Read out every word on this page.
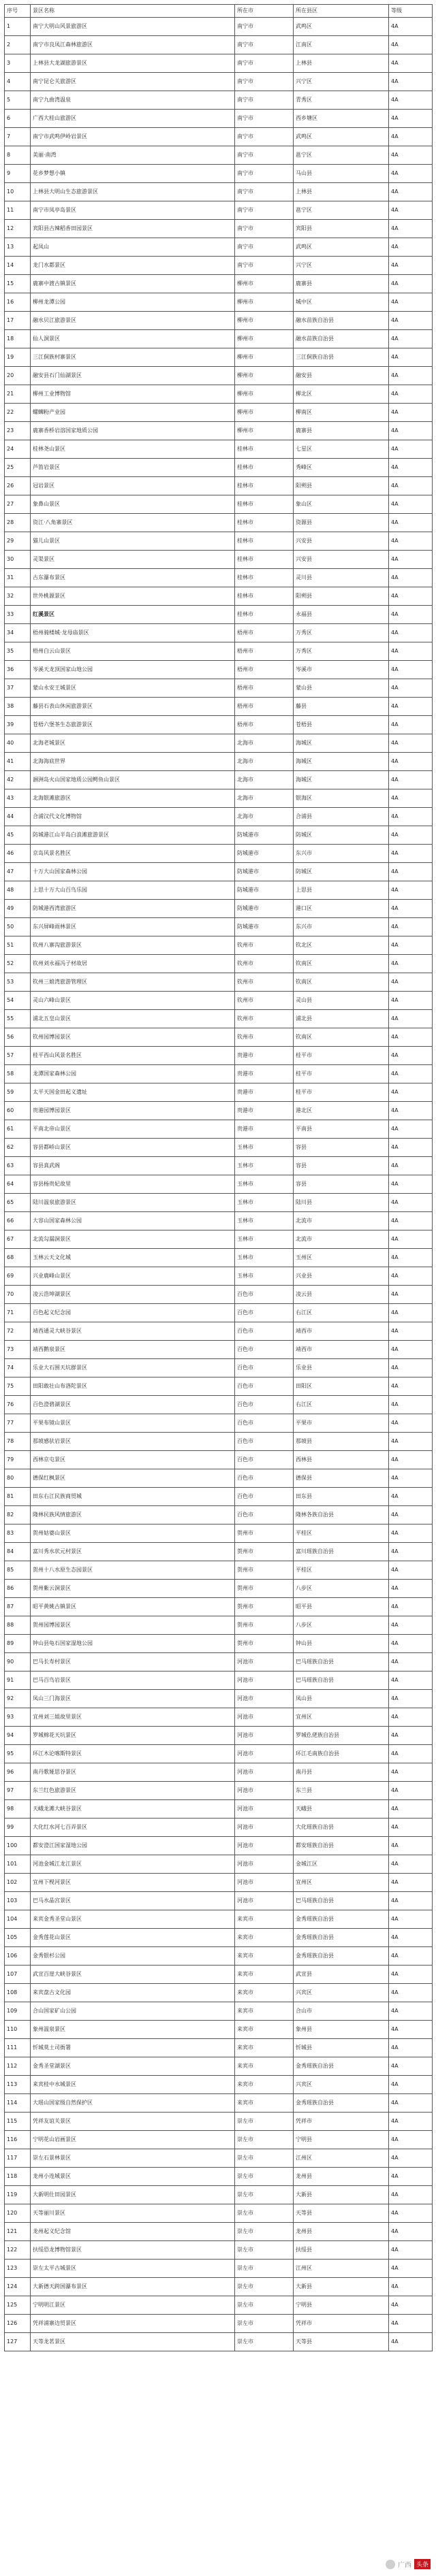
序号	景区名称	所在市	所在县区	等级
1	南宁大明山风景旅游区	南宁市	武鸣区	4A
2	南宁市良凤江森林旅游区	南宁市	江南区	4A
3	上林县大龙湖旅游景区	南宁市	上林县	4A
4	南宁昆仑关旅游区	南宁市	兴宁区	4A
5	南宁九曲湾温泉	南宁市	青秀区	4A
6	广西大桂山旅游区	南宁市	西乡塘区	4A
7	南宁市武鸣伊岭岩景区	南宁市	武鸣区	4A
8	美丽·南湾	南宁市	邕宁区	4A
9	花乡梦想小镇	南宁市	马山县	4A
10	上林县大明山生态旅游景区	南宁市	上林县	4A
11	南宁市凤亭岛景区	南宁市	邕宁区	4A
12	宾阳县古辣稻香田园景区	南宁市	宾阳县	4A
13	起凤山	南宁市	武鸣区	4A
14	龙门水都景区	南宁市	兴宁区	4A
15	鹿寨中渡古镇景区	柳州市	鹿寨县	4A
16	柳州龙潭公园	柳州市	城中区	4A
17	融水贝江旅游景区	柳州市	融水苗族自治县	4A
18	仙人洞景区	柳州市	融水苗族自治县	4A
19	三江侗族村寨景区	柳州市	三江侗族自治县	4A
20	融安县石门仙湖景区	柳州市	融安县	4A
21	柳州工业博物馆	柳州市	柳北区	4A
22	螺蛳粉产业园	柳州市	柳南区	4A
23	鹿寨香桥岩溶国家地质公园	柳州市	鹿寨县	4A
24	桂林尧山景区	桂林市	七星区	4A
25	芦笛岩景区	桂林市	秀峰区	4A
26	冠岩景区	桂林市	阳朔县	4A
27	象鼻山景区	桂林市	象山区	4A
28	资江·八角寨景区	桂林市	资源县	4A
29	猫儿山景区	桂林市	兴安县	4A
30	灵渠景区	桂林市	兴安县	4A
31	古东瀑布景区	桂林市	灵川县	4A
32	世外桃源景区	桂林市	阳朔县	4A
33	红溪景区	桂林市	永福县	4A
34	梧州骑楼城·龙母庙景区	梧州市	万秀区	4A
35	梧州白云山景区	梧州市	万秀区	4A
36	岑溪天龙顶国家山地公园	梧州市	岑溪市	4A
37	蒙山永安王城景区	梧州市	蒙山县	4A
38	藤县石表山休闲旅游景区	梧州市	藤县	4A
39	苍梧六堡茶生态旅游景区	梧州市	苍梧县	4A
40	北海老城景区	北海市	海城区	4A
41	北海海底世界	北海市	海城区	4A
42	涠洲岛火山国家地质公园鳄鱼山景区	北海市	海城区	4A
43	北海银滩旅游区	北海市	银海区	4A
44	合浦汉代文化博物馆	北海市	合浦县	4A
45	防城港江山半岛白浪滩旅游景区	防城港市	防城区	4A
46	京岛风景名胜区	防城港市	东兴市	4A
47	十万大山国家森林公园	防城港市	防城区	4A
48	上思十万大山百鸟乐园	防城港市	上思县	4A
49	防城港西湾旅游区	防城港市	港口区	4A
50	东兴屏峰雨林景区	防城港市	东兴市	4A
51	钦州八寨沟旅游景区	钦州市	钦北区	4A
52	钦州刘永福冯子材故居	钦州市	钦南区	4A
53	钦州三娘湾旅游管理区	钦州市	钦南区	4A
54	灵山六峰山景区	钦州市	灵山县	4A
55	浦北五皇山景区	钦州市	浦北县	4A
56	钦州园博园景区	钦州市	钦南区	4A
57	桂平西山风景名胜区	贵港市	桂平市	4A
58	龙潭国家森林公园	贵港市	桂平市	4A
59	太平天国金田起义遗址	贵港市	桂平市	4A
60	贵港园博园景区	贵港市	港北区	4A
61	平南北帝山景区	贵港市	平南县	4A
62	容县都峤山景区	玉林市	容县	4A
63	容县真武阁	玉林市	容县	4A
64	容县杨贵妃故里	玉林市	容县	4A
65	陆川温泉旅游景区	玉林市	陆川县	4A
66	大容山国家森林公园	玉林市	北流市	4A
67	北流勾漏洞景区	玉林市	北流市	4A
68	玉林云天文化城	玉林市	玉州区	4A
69	兴业鹿峰山景区	玉林市	兴业县	4A
70	凌云浩坤湖景区	百色市	凌云县	4A
71	百色起义纪念园	百色市	右江区	4A
72	靖西通灵大峡谷景区	百色市	靖西市	4A
73	靖西鹅泉景区	百色市	靖西市	4A
74	乐业大石围天坑群景区	百色市	乐业县	4A
75	田阳敢壮山布洛陀景区	百色市	田阳区	4A
76	百色澄碧湖景区	百色市	右江区	4A
77	平果布镜山景区	百色市	平果市	4A
78	那坡感驮岩景区	百色市	那坡县	4A
79	西林京屯景区	百色市	西林县	4A
80	德保红枫景区	百色市	德保县	4A
81	田东右江民族商贸城	百色市	田东县	4A
82	隆林民族风情旅游区	百色市	隆林各族自治县	4A
83	贺州姑婆山景区	贺州市	平桂区	4A
84	富川秀水状元村景区	贺州市	富川瑶族自治县	4A
85	贺州十八水原生态园景区	贺州市	平桂区	4A
86	贺州紫云洞景区	贺州市	八步区	4A
87	昭平黄姚古镇景区	贺州市	昭平县	4A
88	贺州园博园景区	贺州市	八步区	4A
89	钟山县龟石国家湿地公园	贺州市	钟山县	4A
90	巴马长寿村景区	河池市	巴马瑶族自治县	4A
91	巴马百鸟岩景区	河池市	巴马瑶族自治县	4A
92	凤山三门海景区	河池市	凤山县	4A
93	宜州刘三姐故里景区	河池市	宜州区	4A
94	罗城棉花天坑景区	河池市	罗城仫佬族自治县	4A
95	环江木论喀斯特景区	河池市	环江毛南族自治县	4A
96	南丹歌娅思谷景区	河池市	南丹县	4A
97	东兰红色旅游景区	河池市	东兰县	4A
98	天峨龙滩大峡谷景区	河池市	天峨县	4A
99	大化红水河七百弄景区	河池市	大化瑶族自治县	4A
100	都安澄江国家湿地公园	河池市	都安瑶族自治县	4A
101	河池金城江龙江景区	河池市	金城江区	4A
102	宜州下枧河景区	河池市	宜州区	4A
103	巴马水晶宫景区	河池市	巴马瑶族自治县	4A
104	来宾金秀圣堂山景区	来宾市	金秀瑶族自治县	4A
105	金秀莲花山景区	来宾市	金秀瑶族自治县	4A
106	金秀银杉公园	来宾市	金秀瑶族自治县	4A
107	武宣百崖大峡谷景区	来宾市	武宣县	4A
108	来宾盘古文化园	来宾市	兴宾区	4A
109	合山国家矿山公园	来宾市	合山市	4A
110	象州温泉景区	来宾市	象州县	4A
111	忻城莫土司衙署	来宾市	忻城县	4A
112	金秀圣堂湖景区	来宾市	金秀瑶族自治县	4A
113	来宾桂中水城景区	来宾市	兴宾区	4A
114	大瑶山国家级自然保护区	来宾市	金秀瑶族自治县	4A
115	凭祥友谊关景区	崇左市	凭祥市	4A
116	宁明花山岩画景区	崇左市	宁明县	4A
117	崇左石景林景区	崇左市	江州区	4A
118	龙州小连城景区	崇左市	龙州县	4A
119	大新明仕田园景区	崇左市	大新县	4A
120	天等丽川景区	崇左市	天等县	4A
121	龙州起义纪念馆	崇左市	龙州县	4A
122	扶绥恐龙博物馆景区	崇左市	扶绥县	4A
123	崇左太平古城景区	崇左市	江州区	4A
124	大新德天跨国瀑布景区	崇左市	大新县	4A
125	宁明明江景区	崇左市	宁明县	4A
126	凭祥浦寨边贸景区	崇左市	凭祥市	4A
127	天等龙茗景区	崇左市	天等县	4A
广西 头条
